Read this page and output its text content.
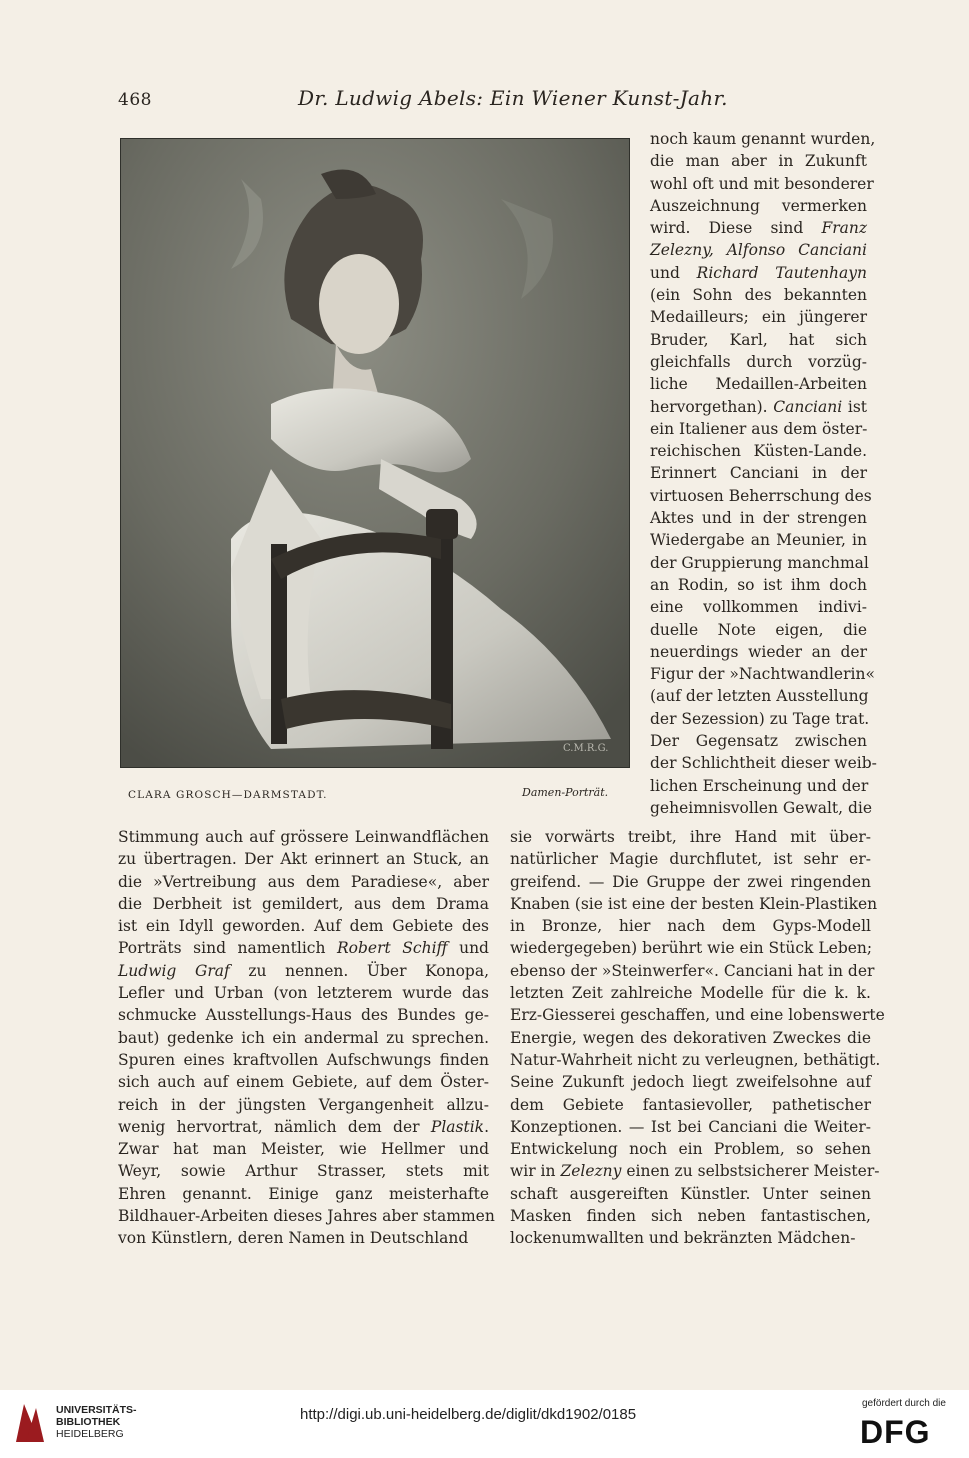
468	Dr. Ludwig Abels: Ein Wiener Kunst-Jahr.
C.M.R.G.
CLARA GROSCH—DARMSTADT.	Damen-Porträt.
noch kaum genannt wurden,
die man aber in Zukunft
wohl oft und mit besonderer
Auszeichnung vermerken
wird. Diese sind Franz
Zelezny, Alfonso Canciani
und Richard Tautenhayn
(ein Sohn des bekannten
Medailleurs; ein jüngerer
Bruder, Karl, hat sich
gleichfalls durch vorzüg-
liche Medaillen-Arbeiten
hervorgethan). Canciani ist
ein Italiener aus dem öster-
reichischen Küsten-Lande.
Erinnert Canciani in der
virtuosen Beherrschung des
Aktes und in der strengen
Wiedergabe an Meunier, in
der Gruppierung manchmal
an Rodin, so ist ihm doch
eine vollkommen indivi-
duelle Note eigen, die
neuerdings wieder an der
Figur der »Nachtwandlerin«
(auf der letzten Ausstellung
der Sezession) zu Tage trat.
Der Gegensatz zwischen
der Schlichtheit dieser weib-
lichen Erscheinung und der
geheimnisvollen Gewalt, die
Stimmung auch auf grössere Leinwandflächen
zu übertragen. Der Akt erinnert an Stuck, an
die »Vertreibung aus dem Paradiese«, aber
die Derbheit ist gemildert, aus dem Drama
ist ein Idyll geworden. Auf dem Gebiete des
Porträts sind namentlich Robert Schiff und
Ludwig Graf zu nennen. Über Konopa,
Lefler und Urban (von letzterem wurde das
schmucke Ausstellungs-Haus des Bundes ge-
baut) gedenke ich ein andermal zu sprechen.
Spuren eines kraftvollen Aufschwungs finden
sich auch auf einem Gebiete, auf dem Öster-
reich in der jüngsten Vergangenheit allzu-
wenig hervortrat, nämlich dem der Plastik.
Zwar hat man Meister, wie Hellmer und
Weyr, sowie Arthur Strasser, stets mit
Ehren genannt. Einige ganz meisterhafte
Bildhauer-Arbeiten dieses Jahres aber stammen
von Künstlern, deren Namen in Deutschland
sie vorwärts treibt, ihre Hand mit über-
natürlicher Magie durchflutet, ist sehr er-
greifend. — Die Gruppe der zwei ringenden
Knaben (sie ist eine der besten Klein-Plastiken
in Bronze, hier nach dem Gyps-Modell
wiedergegeben) berührt wie ein Stück Leben;
ebenso der »Steinwerfer«. Canciani hat in der
letzten Zeit zahlreiche Modelle für die k. k.
Erz-Giesserei geschaffen, und eine lobenswerte
Energie, wegen des dekorativen Zweckes die
Natur-Wahrheit nicht zu verleugnen, bethätigt.
Seine Zukunft jedoch liegt zweifelsohne auf
dem Gebiete fantasievoller, pathetischer
Konzeptionen. — Ist bei Canciani die Weiter-
Entwickelung noch ein Problem, so sehen
wir in Zelezny einen zu selbstsicherer Meister-
schaft ausgereiften Künstler. Unter seinen
Masken finden sich neben fantastischen,
lockenumwallten und bekränzten Mädchen-
UNIVERSITÄTS-
BIBLIOTHEK
HEIDELBERG
http://digi.ub.uni-heidelberg.de/diglit/dkd1902/0185
gefördert durch die
DFG
